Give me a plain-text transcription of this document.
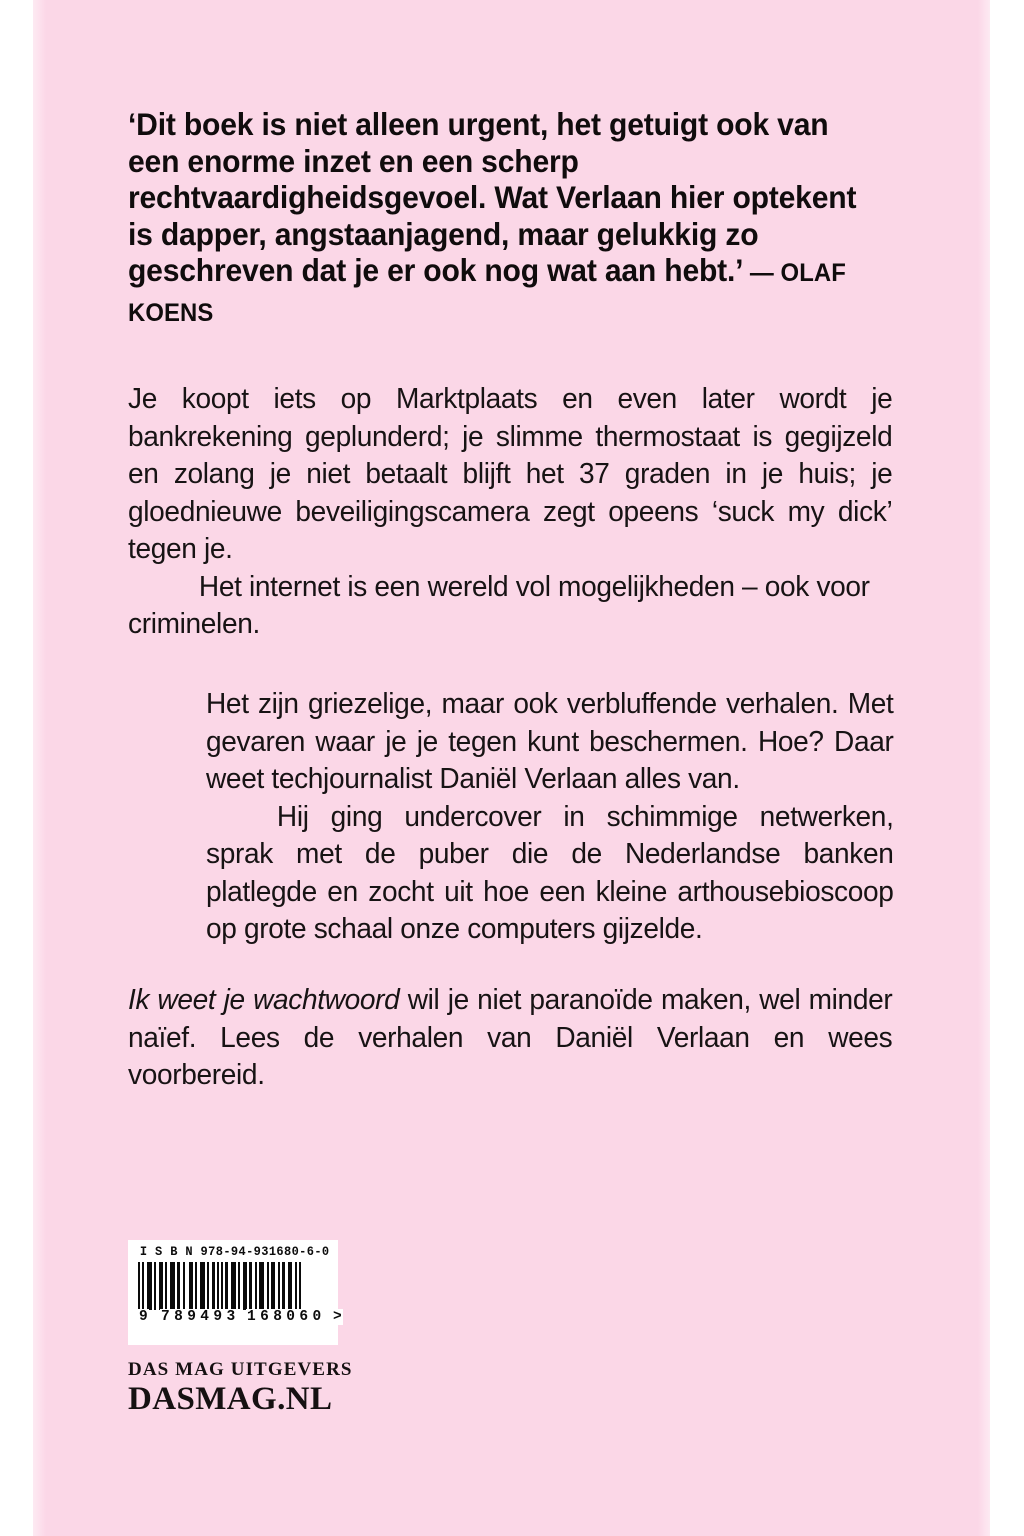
‘Dit boek is niet alleen urgent, het getuigt ook van een enorme inzet en een scherp rechtvaardigheidsgevoel. Wat Verlaan hier optekent is dapper, angstaanjagend, maar gelukkig zo geschreven dat je er ook nog wat aan hebt.’ — OLAF KOENS

Je koopt iets op Marktplaats en even later wordt je bankrekening geplunderd; je slimme thermostaat is gegijzeld en zolang je niet betaalt blijft het 37 graden in je huis; je gloednieuwe beveiligingscamera zegt opeens ‘suck my dick’ tegen je.

Het internet is een wereld vol mogelijkheden – ook voor criminelen.

Het zijn griezelige, maar ook verbluffende verhalen. Met gevaren waar je je tegen kunt beschermen. Hoe? Daar weet techjournalist Daniël Verlaan alles van.

Hij ging undercover in schimmige netwerken, sprak met de puber die de Nederlandse banken platlegde en zocht uit hoe een kleine arthousebioscoop op grote schaal onze computers gijzelde.

Ik weet je wachtwoord wil je niet paranoïde maken, wel minder naïef. Lees de verhalen van Daniël Verlaan en wees voorbereid.

I S B N 978-94-931680-6-0
9 789493 168060 >
DAS MAG UITGEVERS
DASMAG.NL
